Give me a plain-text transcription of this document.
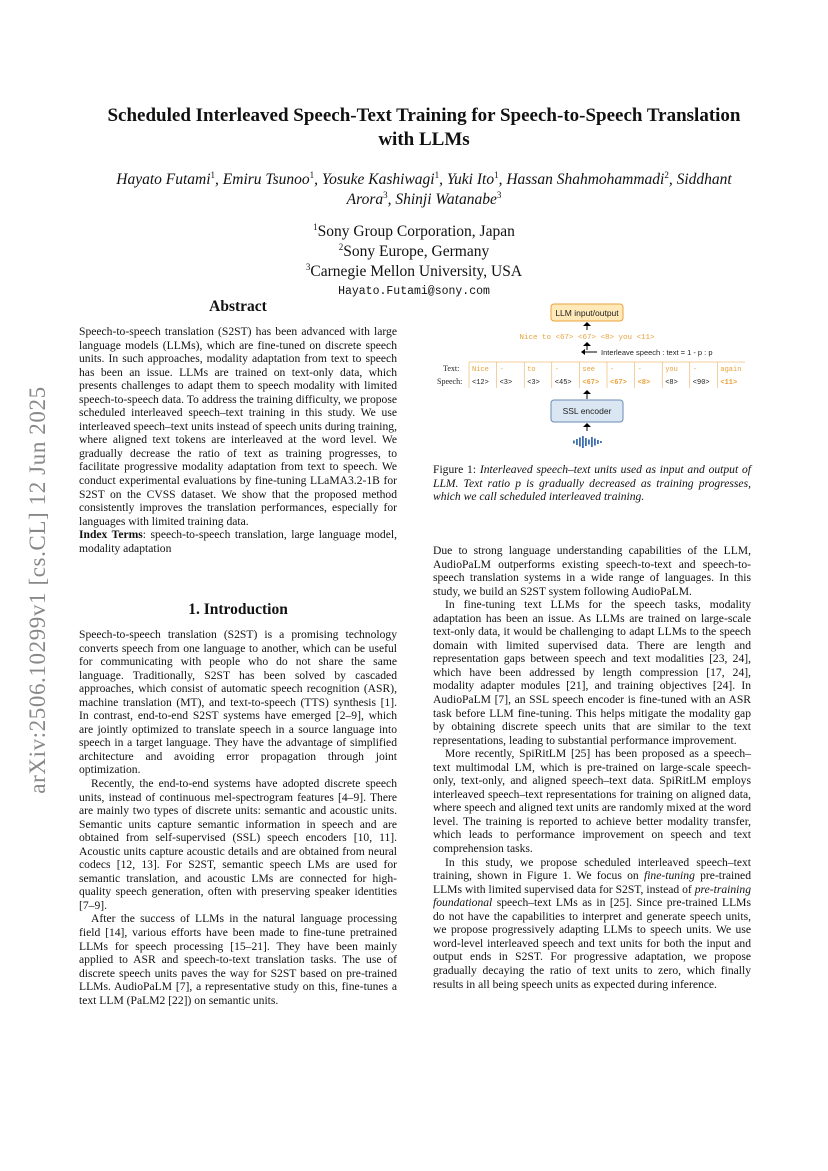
arXiv:2506.10299v1 [cs.CL] 12 Jun 2025
Scheduled Interleaved Speech-Text Training for Speech-to-Speech Translation
with LLMs
Hayato Futami$^1$, Emiru Tsunoo$^1$, Yosuke Kashiwagi$^1$, Yuki Ito$^1$, Hassan Shahmohammadi$^2$, Siddhant
Arora$^3$, Shinji Watanabe$^3$
$^1$Sony Group Corporation, Japan
$^2$Sony Europe, Germany
$^3$Carnegie Mellon University, USA
Hayato.Futami@sony.com
Abstract

Speech-to-speech translation (S2ST) has been advanced with large language models (LLMs), which are fine-tuned on discrete speech units. In such approaches, modality adaptation from text to speech has been an issue. LLMs are trained on text-only data, which presents challenges to adapt them to speech modality with limited speech-to-speech data. To address the training difficulty, we propose scheduled interleaved speech–text training in this study. We use interleaved speech–text units instead of speech units during training, where aligned text tokens are interleaved at the word level. We gradually decrease the ratio of text as training progresses, to facilitate progressive modality adaptation from text to speech. We conduct experimental evaluations by fine-tuning LLaMA3.2-1B for S2ST on the CVSS dataset. We show that the proposed method consistently improves the translation performances, especially for languages with limited training data.

Index Terms: speech-to-speech translation, large language model, modality adaptation

1. Introduction

Speech-to-speech translation (S2ST) is a promising technology converts speech from one language to another, which can be useful for communicating with people who do not share the same language. Traditionally, S2ST has been solved by cascaded approaches, which consist of automatic speech recognition (ASR), machine translation (MT), and text-to-speech (TTS) synthesis [1]. In contrast, end-to-end S2ST systems have emerged [2–9], which are jointly optimized to translate speech in a source language into speech in a target language. They have the advantage of simplified architecture and avoiding error propagation through joint optimization.

Recently, the end-to-end systems have adopted discrete speech units, instead of continuous mel-spectrogram features [4–9]. There are mainly two types of discrete units: semantic and acoustic units. Semantic units capture semantic information in speech and are obtained from self-supervised (SSL) speech encoders [10, 11]. Acoustic units capture acoustic details and are obtained from neural codecs [12, 13]. For S2ST, semantic speech LMs are used for semantic translation, and acoustic LMs are connected for high-quality speech generation, often with preserving speaker identities [7–9].

After the success of LLMs in the natural language processing field [14], various efforts have been made to fine-tune pretrained LLMs for speech processing [15–21]. They have been mainly applied to ASR and speech-to-text translation tasks. The use of discrete speech units paves the way for S2ST based on pre-trained LLMs. AudioPaLM [7], a representative study on this, fine-tunes a text LLM (PaLM2 [22]) on semantic units.

LLM input/output
Nice to <67> <67> <8> you <11>
Interleave speech : text = 1 - p : p
Text:
Speech:
Nice
<12>
-
<3>
to
<3>
-
<45>
see
<67>
-
<67>
-
<8>
you
<8>
-
<90>
again
<11>
SSL encoder
Figure 1: Interleaved speech–text units used as input and output of LLM. Text ratio p is gradually decreased as training progresses, which we call scheduled interleaved training.

Due to strong language understanding capabilities of the LLM, AudioPaLM outperforms existing speech-to-text and speech-to-speech translation systems in a wide range of languages. In this study, we build an S2ST system following AudioPaLM.

In fine-tuning text LLMs for the speech tasks, modality adaptation has been an issue. As LLMs are trained on large-scale text-only data, it would be challenging to adapt LLMs to the speech domain with limited supervised data. There are length and representation gaps between speech and text modalities [23, 24], which have been addressed by length compression [17, 24], modality adapter modules [21], and training objectives [24]. In AudioPaLM [7], an SSL speech encoder is fine-tuned with an ASR task before LLM fine-tuning. This helps mitigate the modality gap by obtaining discrete speech units that are similar to the text representations, leading to substantial performance improvement.

More recently, SpiRitLM [25] has been proposed as a speech–text multimodal LM, which is pre-trained on large-scale speech-only, text-only, and aligned speech–text data. SpiRitLM employs interleaved speech–text representations for training on aligned data, where speech and aligned text units are randomly mixed at the word level. The training is reported to achieve better modality transfer, which leads to performance improvement on speech and text comprehension tasks.

In this study, we propose scheduled interleaved speech–text training, shown in Figure 1. We focus on fine-tuning pre-trained LLMs with limited supervised data for S2ST, instead of pre-training foundational speech–text LMs as in [25]. Since pre-trained LLMs do not have the capabilities to interpret and generate speech units, we propose progressively adapting LLMs to speech units. We use word-level interleaved speech and text units for both the input and output ends in S2ST. For progressive adaptation, we propose gradually decaying the ratio of text units to zero, which finally results in all being speech units as expected during inference.
